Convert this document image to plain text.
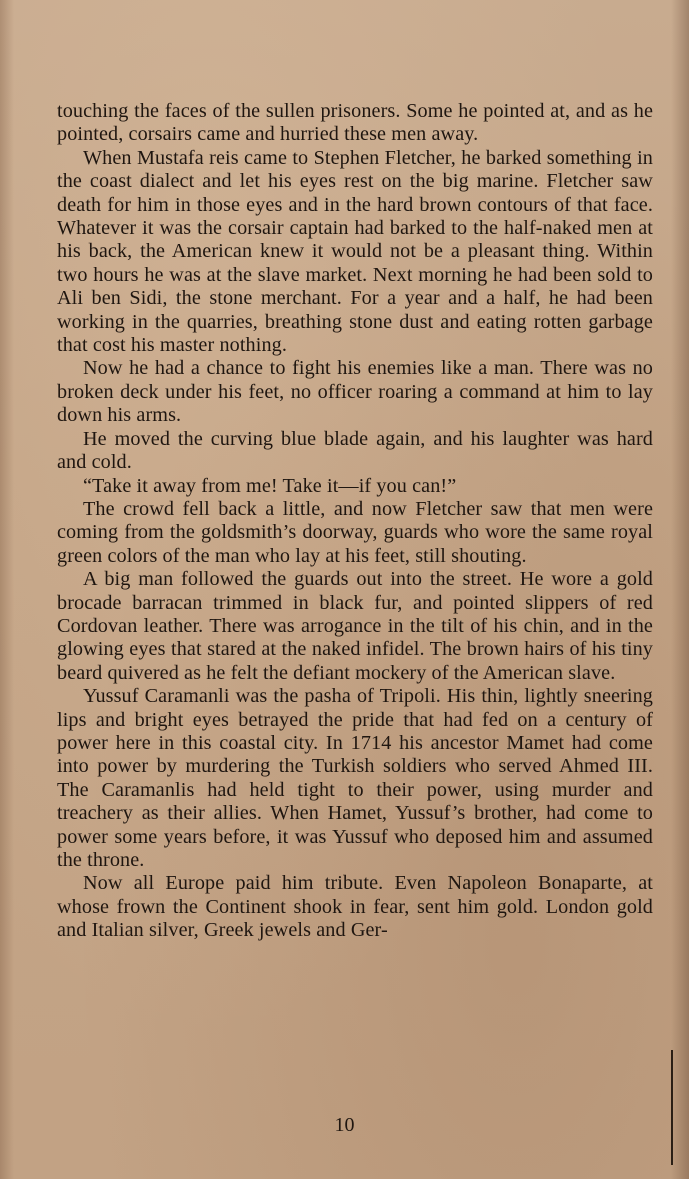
touching the faces of the sullen prisoners. Some he pointed at, and as he pointed, corsairs came and hurried these men away.

When Mustafa reis came to Stephen Fletcher, he barked something in the coast dialect and let his eyes rest on the big marine. Fletcher saw death for him in those eyes and in the hard brown contours of that face. Whatever it was the corsair captain had barked to the half-naked men at his back, the American knew it would not be a pleasant thing. Within two hours he was at the slave market. Next morning he had been sold to Ali ben Sidi, the stone merchant. For a year and a half, he had been working in the quarries, breathing stone dust and eating rotten garbage that cost his master nothing.

Now he had a chance to fight his enemies like a man. There was no broken deck under his feet, no officer roaring a command at him to lay down his arms.

He moved the curving blue blade again, and his laughter was hard and cold.

“Take it away from me! Take it—if you can!”

The crowd fell back a little, and now Fletcher saw that men were coming from the goldsmith’s doorway, guards who wore the same royal green colors of the man who lay at his feet, still shouting.

A big man followed the guards out into the street. He wore a gold brocade barracan trimmed in black fur, and pointed slippers of red Cordovan leather. There was arrogance in the tilt of his chin, and in the glowing eyes that stared at the naked infidel. The brown hairs of his tiny beard quivered as he felt the defiant mockery of the American slave.

Yussuf Caramanli was the pasha of Tripoli. His thin, lightly sneering lips and bright eyes betrayed the pride that had fed on a century of power here in this coastal city. In 1714 his ancestor Mamet had come into power by murdering the Turkish soldiers who served Ahmed III. The Caramanlis had held tight to their power, using murder and treachery as their allies. When Hamet, Yussuf’s brother, had come to power some years before, it was Yussuf who deposed him and assumed the throne.

Now all Europe paid him tribute. Even Napoleon Bonaparte, at whose frown the Continent shook in fear, sent him gold. London gold and Italian silver, Greek jewels and Ger-

10
